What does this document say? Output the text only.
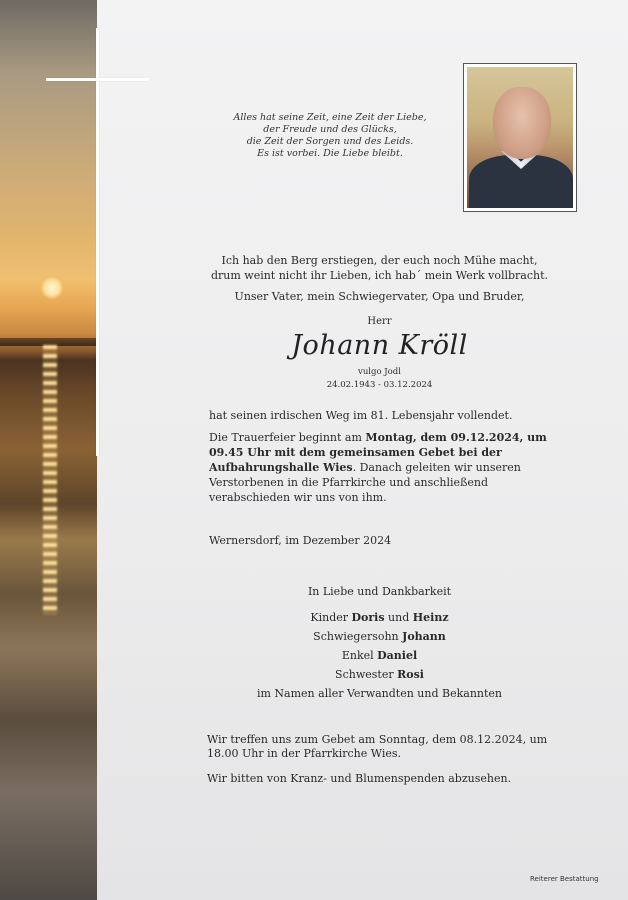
Alles hat seine Zeit, eine Zeit der Liebe,
der Freude und des Glücks,
die Zeit der Sorgen und des Leids.
Es ist vorbei. Die Liebe bleibt.
Ich hab den Berg erstiegen, der euch noch Mühe macht,
drum weint nicht ihr Lieben, ich hab´ mein Werk vollbracht.
Unser Vater, mein Schwiegervater, Opa und Bruder,
Herr
Johann Kröll
vulgo Jodl
24.02.1943 - 03.12.2024
hat seinen irdischen Weg im 81. Lebensjahr vollendet.
Die Trauerfeier beginnt am Montag, dem 09.12.2024, um
09.45 Uhr mit dem gemeinsamen Gebet bei der
Aufbahrungshalle Wies. Danach geleiten wir unseren
Verstorbenen in die Pfarrkirche und anschließend
verabschieden wir uns von ihm.
Wernersdorf, im Dezember 2024
In Liebe und Dankbarkeit
Kinder Doris und Heinz
Schwiegersohn Johann
Enkel Daniel
Schwester Rosi
im Namen aller Verwandten und Bekannten
Wir treffen uns zum Gebet am Sonntag, dem 08.12.2024, um
18.00 Uhr in der Pfarrkirche Wies.
Wir bitten von Kranz- und Blumenspenden abzusehen.
Reiterer Bestattung
